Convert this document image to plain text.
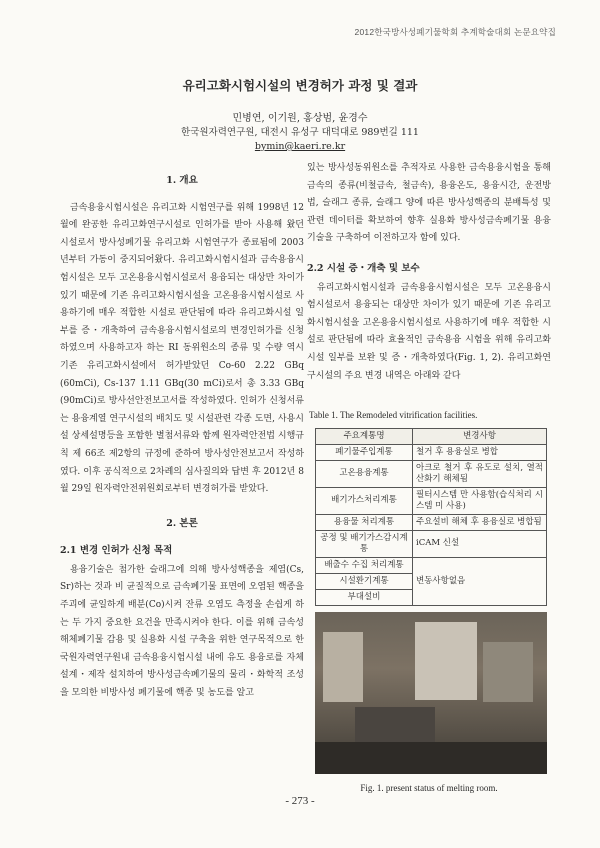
2012한국방사성폐기물학회 추계학술대회 논문요약집
유리고화시험시설의 변경허가 과정 및 결과
민병연, 이기원, 홍상범, 윤경수
한국원자력연구원, 대전시 유성구 대덕대로 989번길 111
bymin@kaeri.re.kr
1. 개요

금속용융시험시설은 유리고화 시험연구를 위해 1998년 12월에 완공한 유리고화연구시설로 인허가를 받아 사용해 왔던 시설로서 방사성폐기물 유리고화 시험연구가 종료됨에 2003년부터 가동이 중지되어왔다. 유리고화시험시설과 금속용융시험시설은 모두 고온용융시험시설로서 용융되는 대상만 차이가 있기 때문에 기존 유리고화시험시설을 고온용융시험시설로 사용하기에 매우 적합한 시설로 판단됨에 따라 유리고화시설 일부를 증・개축하여 금속용융시험시설로의 변경인허가를 신청하였으며 사용하고자 하는 RI 동위원소의 종류 및 수량 역시 기존 유리고화시설에서 허가받았던 Co-60 2.22 GBq (60mCi), Cs-137 1.11 GBq(30 mCi)로서 총 3.33 GBq (90mCi)로 방사선안전보고서를 작성하였다. 인허가 신청서류는 용융계열 연구시설의 배치도 및 시설관련 각종 도면, 사용시설 상세설명등을 포함한 별첨서류와 함께 원자력안전법 시행규칙 제 66조 제2항의 규정에 준하여 방사성안전보고서 작성하였다. 이후 공식적으로 2차례의 심사질의와 답변 후 2012년 8월 29일 원자력안전위원회로부터 변경허가를 받았다.

2. 본론
2.1 변경 인허가 신청 목적

용융기술은 첨가한 슬래그에 의해 방사성핵종을 제염(Cs, Sr)하는 것과 비 균질적으로 금속폐기물 표면에 오염된 핵종을 주괴에 균일하게 배분(Co)시켜 잔류 오염도 측정을 손쉽게 하는 두 가지 중요한 요건을 만족시켜야 한다. 이를 위해 금속성 해체폐기물 감용 및 실용화 시설 구축을 위한 연구목적으로 한국원자력연구원내 금속용융시험시설 내에 유도 용융로를 자체 설계・제작 설치하여 방사성금속폐기물의 물리・화학적 조성을 모의한 비방사성 폐기물에 핵종 및 농도를 알고

있는 방사성동위원소를 추적자로 사용한 금속용융시험을 통해 금속의 종류(비철금속, 철금속), 용융온도, 용융시간, 운전방법, 슬래그 종류, 슬래그 양에 따른 방사성핵종의 분배특성 및 관련 데이터를 확보하여 향후 실용화 방사성금속폐기물 용융 기술을 구축하여 이전하고자 함에 있다.

2.2 시설 증・개축 및 보수

유리고화시험시설과 금속용융시험시설은 모두 고온용융시험시설로서 용융되는 대상만 차이가 있기 때문에 기존 유리고화시험시설을 고온용융시험시설로 사용하기에 매우 적합한 시설로 판단됨에 따라 효율적인 금속용융 시험을 위해 유리고화시설 일부를 보완 및 증・개축하였다(Fig. 1, 2). 유리고화연구시설의 주요 변경 내역은 아래와 같다

Table 1. The Remodeled vitrification facilities.
주요계통명	변경사항
폐기물주입계통	철거 후 용융실로 병합
고온용융계통	아크로 철거 후 유도로 설치, 열적산화기 해체됨
배기가스처리계통	필터시스템 만 사용함(습식처리 시스템 미 사용)
용융물 처리계통	주요설비 해체 후 용융실로 병합됨
공정 및 배기가스감시계통	iCAM 신설
배출수 수집 처리계통	변동사항없음
시설환기계통	
부대설비	
Fig. 1. present status of melting room.
- 273 -
